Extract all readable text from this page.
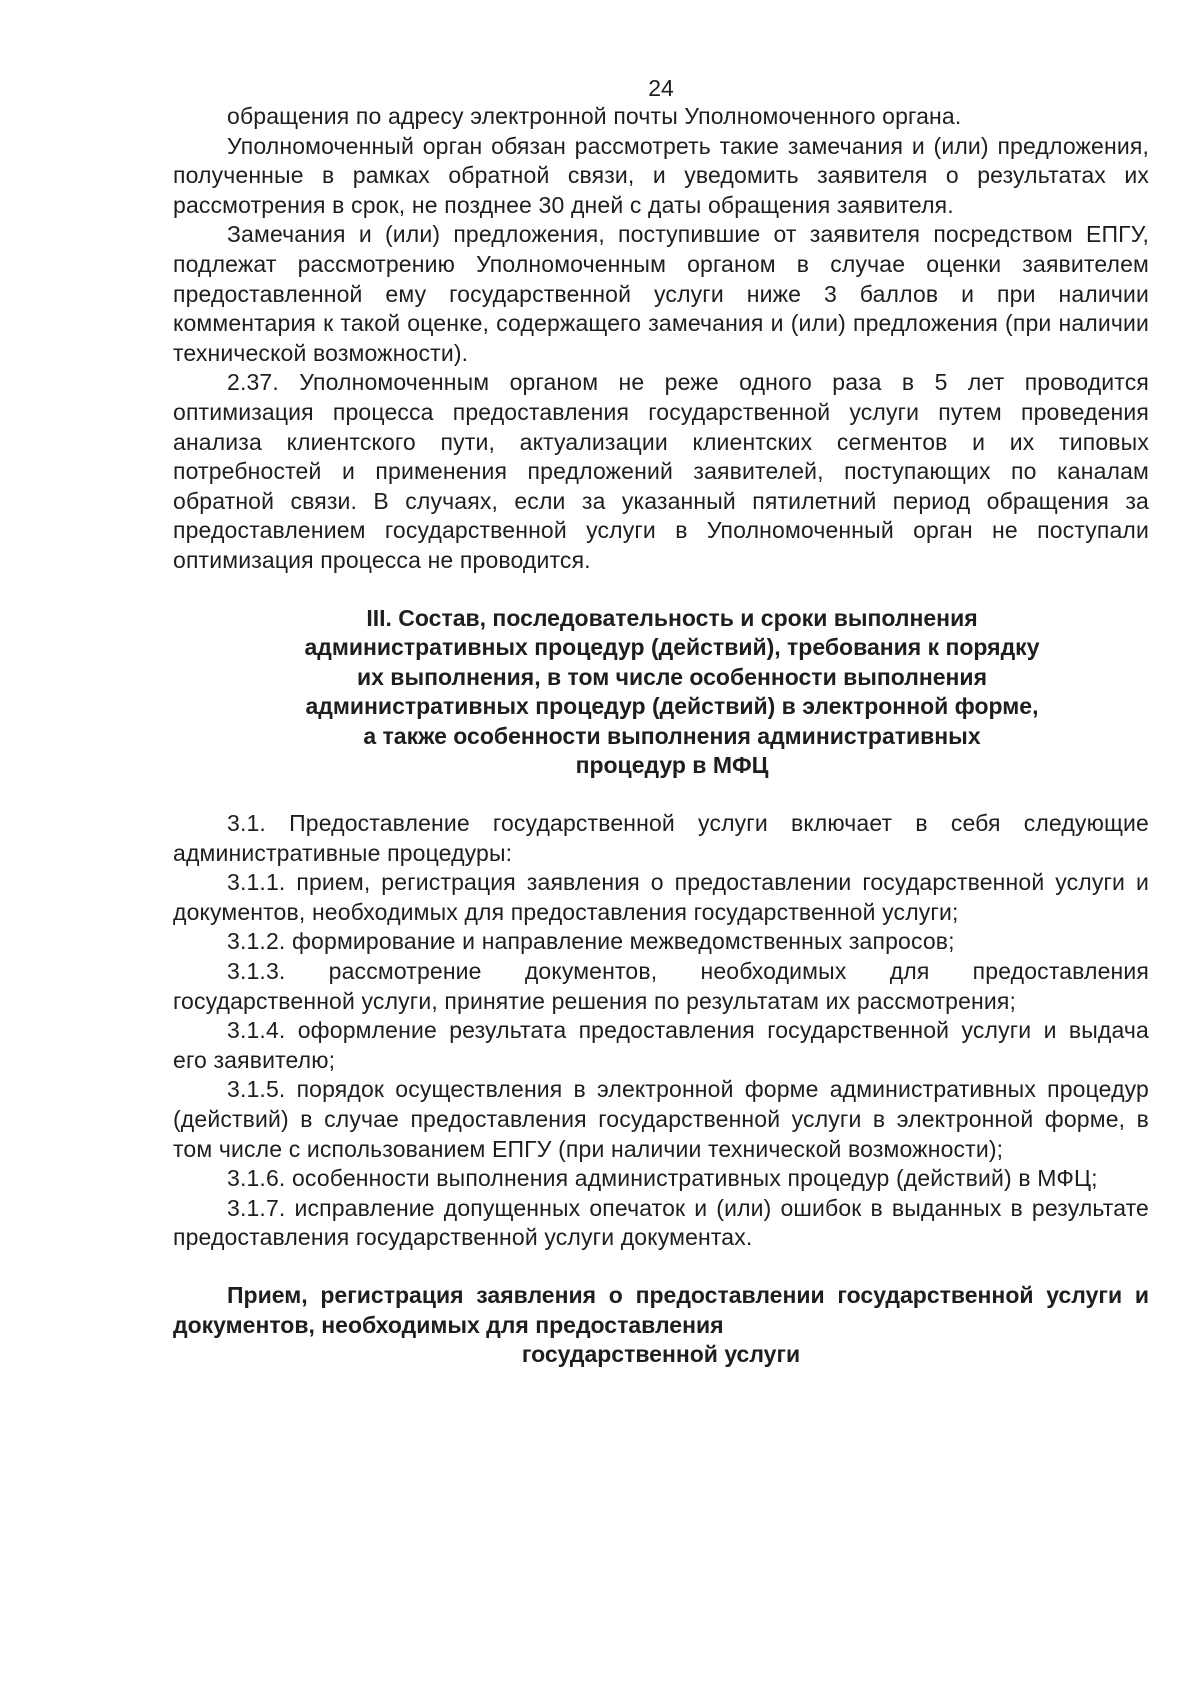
24

обращения по адресу электронной почты Уполномоченного органа.

Уполномоченный орган обязан рассмотреть такие замечания и (или) предложения, полученные в рамках обратной связи, и уведомить заявителя о результатах их рассмотрения в срок, не позднее 30 дней с даты обращения заявителя.

Замечания и (или) предложения, поступившие от заявителя посредством ЕПГУ, подлежат рассмотрению Уполномоченным органом в случае оценки заявителем предоставленной ему государственной услуги ниже 3 баллов и при наличии комментария к такой оценке, содержащего замечания и (или) предложения (при наличии технической возможности).

2.37. Уполномоченным органом не реже одного раза в 5 лет проводится оптимизация процесса предоставления государственной услуги путем проведения анализа клиентского пути, актуализации клиентских сегментов и их типовых потребностей и применения предложений заявителей, поступающих по каналам обратной связи. В случаях, если за указанный пятилетний период обращения за предоставлением государственной услуги в Уполномоченный орган не поступали оптимизация процесса не проводится.

III. Состав, последовательность и сроки выполнения
административных процедур (действий), требования к порядку
их выполнения, в том числе особенности выполнения
административных процедур (действий) в электронной форме,
а также особенности выполнения административных
процедур в МФЦ

3.1. Предоставление государственной услуги включает в себя следующие административные процедуры:

3.1.1. прием, регистрация заявления о предоставлении государственной услуги и документов, необходимых для предоставления государственной услуги;

3.1.2. формирование и направление межведомственных запросов;

3.1.3. рассмотрение документов, необходимых для предоставления государственной услуги, принятие решения по результатам их рассмотрения;

3.1.4. оформление результата предоставления государственной услуги и выдача его заявителю;

3.1.5. порядок осуществления в электронной форме административных процедур (действий) в случае предоставления государственной услуги в электронной форме, в том числе с использованием ЕПГУ (при наличии технической возможности);

3.1.6. особенности выполнения административных процедур (действий) в МФЦ;

3.1.7. исправление допущенных опечаток и (или) ошибок в выданных в результате предоставления государственной услуги документах.

Прием, регистрация заявления о предоставлении государственной услуги и документов, необходимых для предоставления
государственной услуги
